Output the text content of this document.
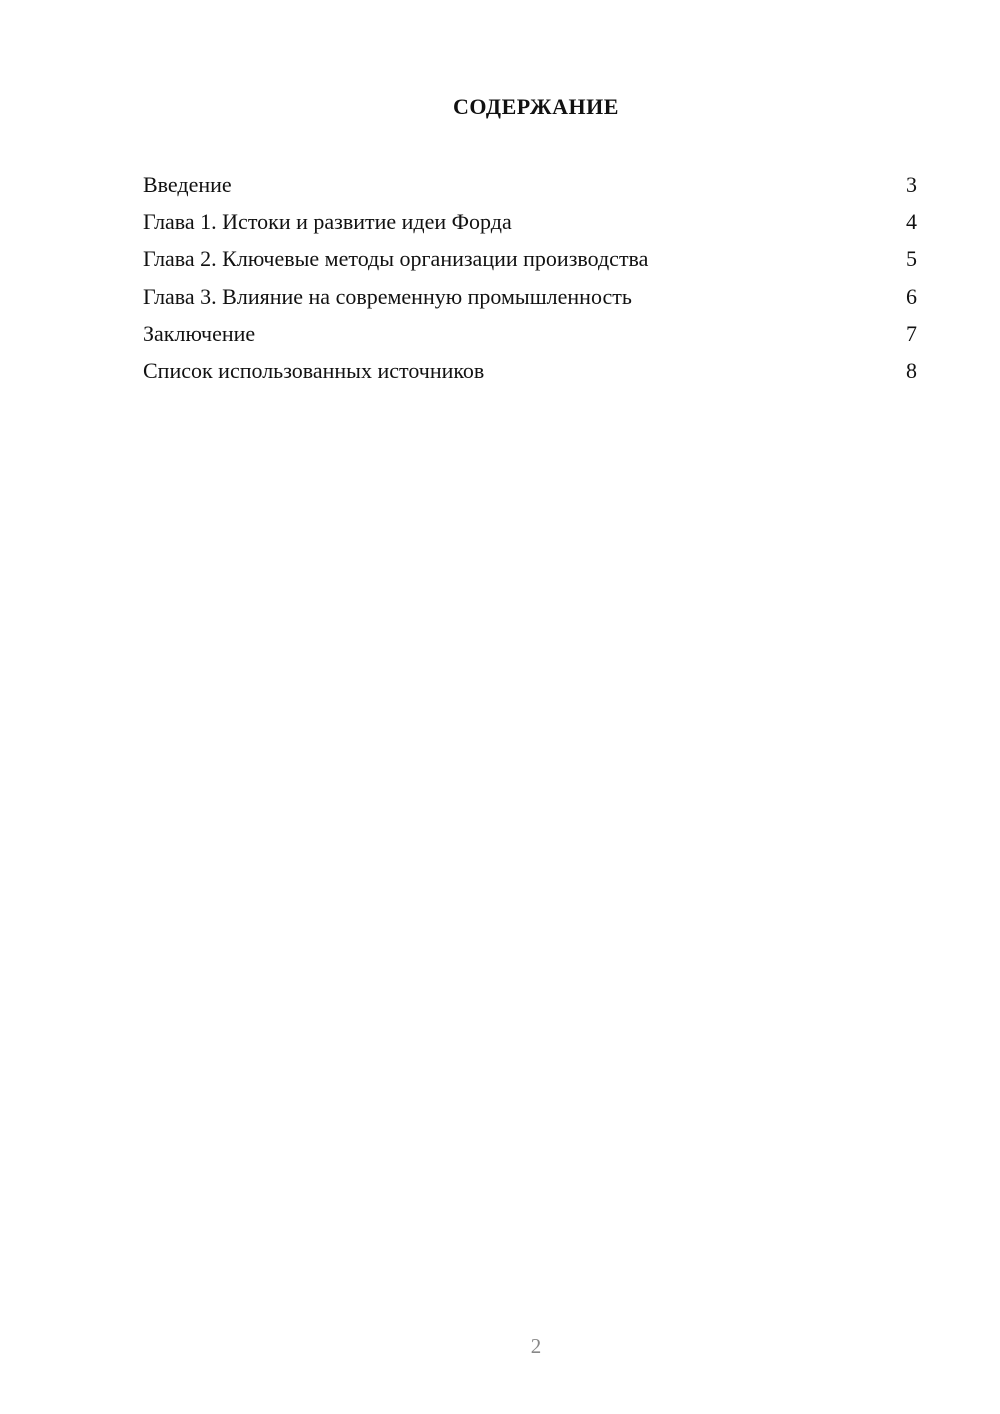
СОДЕРЖАНИЕ
Введение	3
Глава 1. Истоки и развитие идеи Форда	4
Глава 2. Ключевые методы организации производства	5
Глава 3. Влияние на современную промышленность	6
Заключение	7
Список использованных источников	8
2
